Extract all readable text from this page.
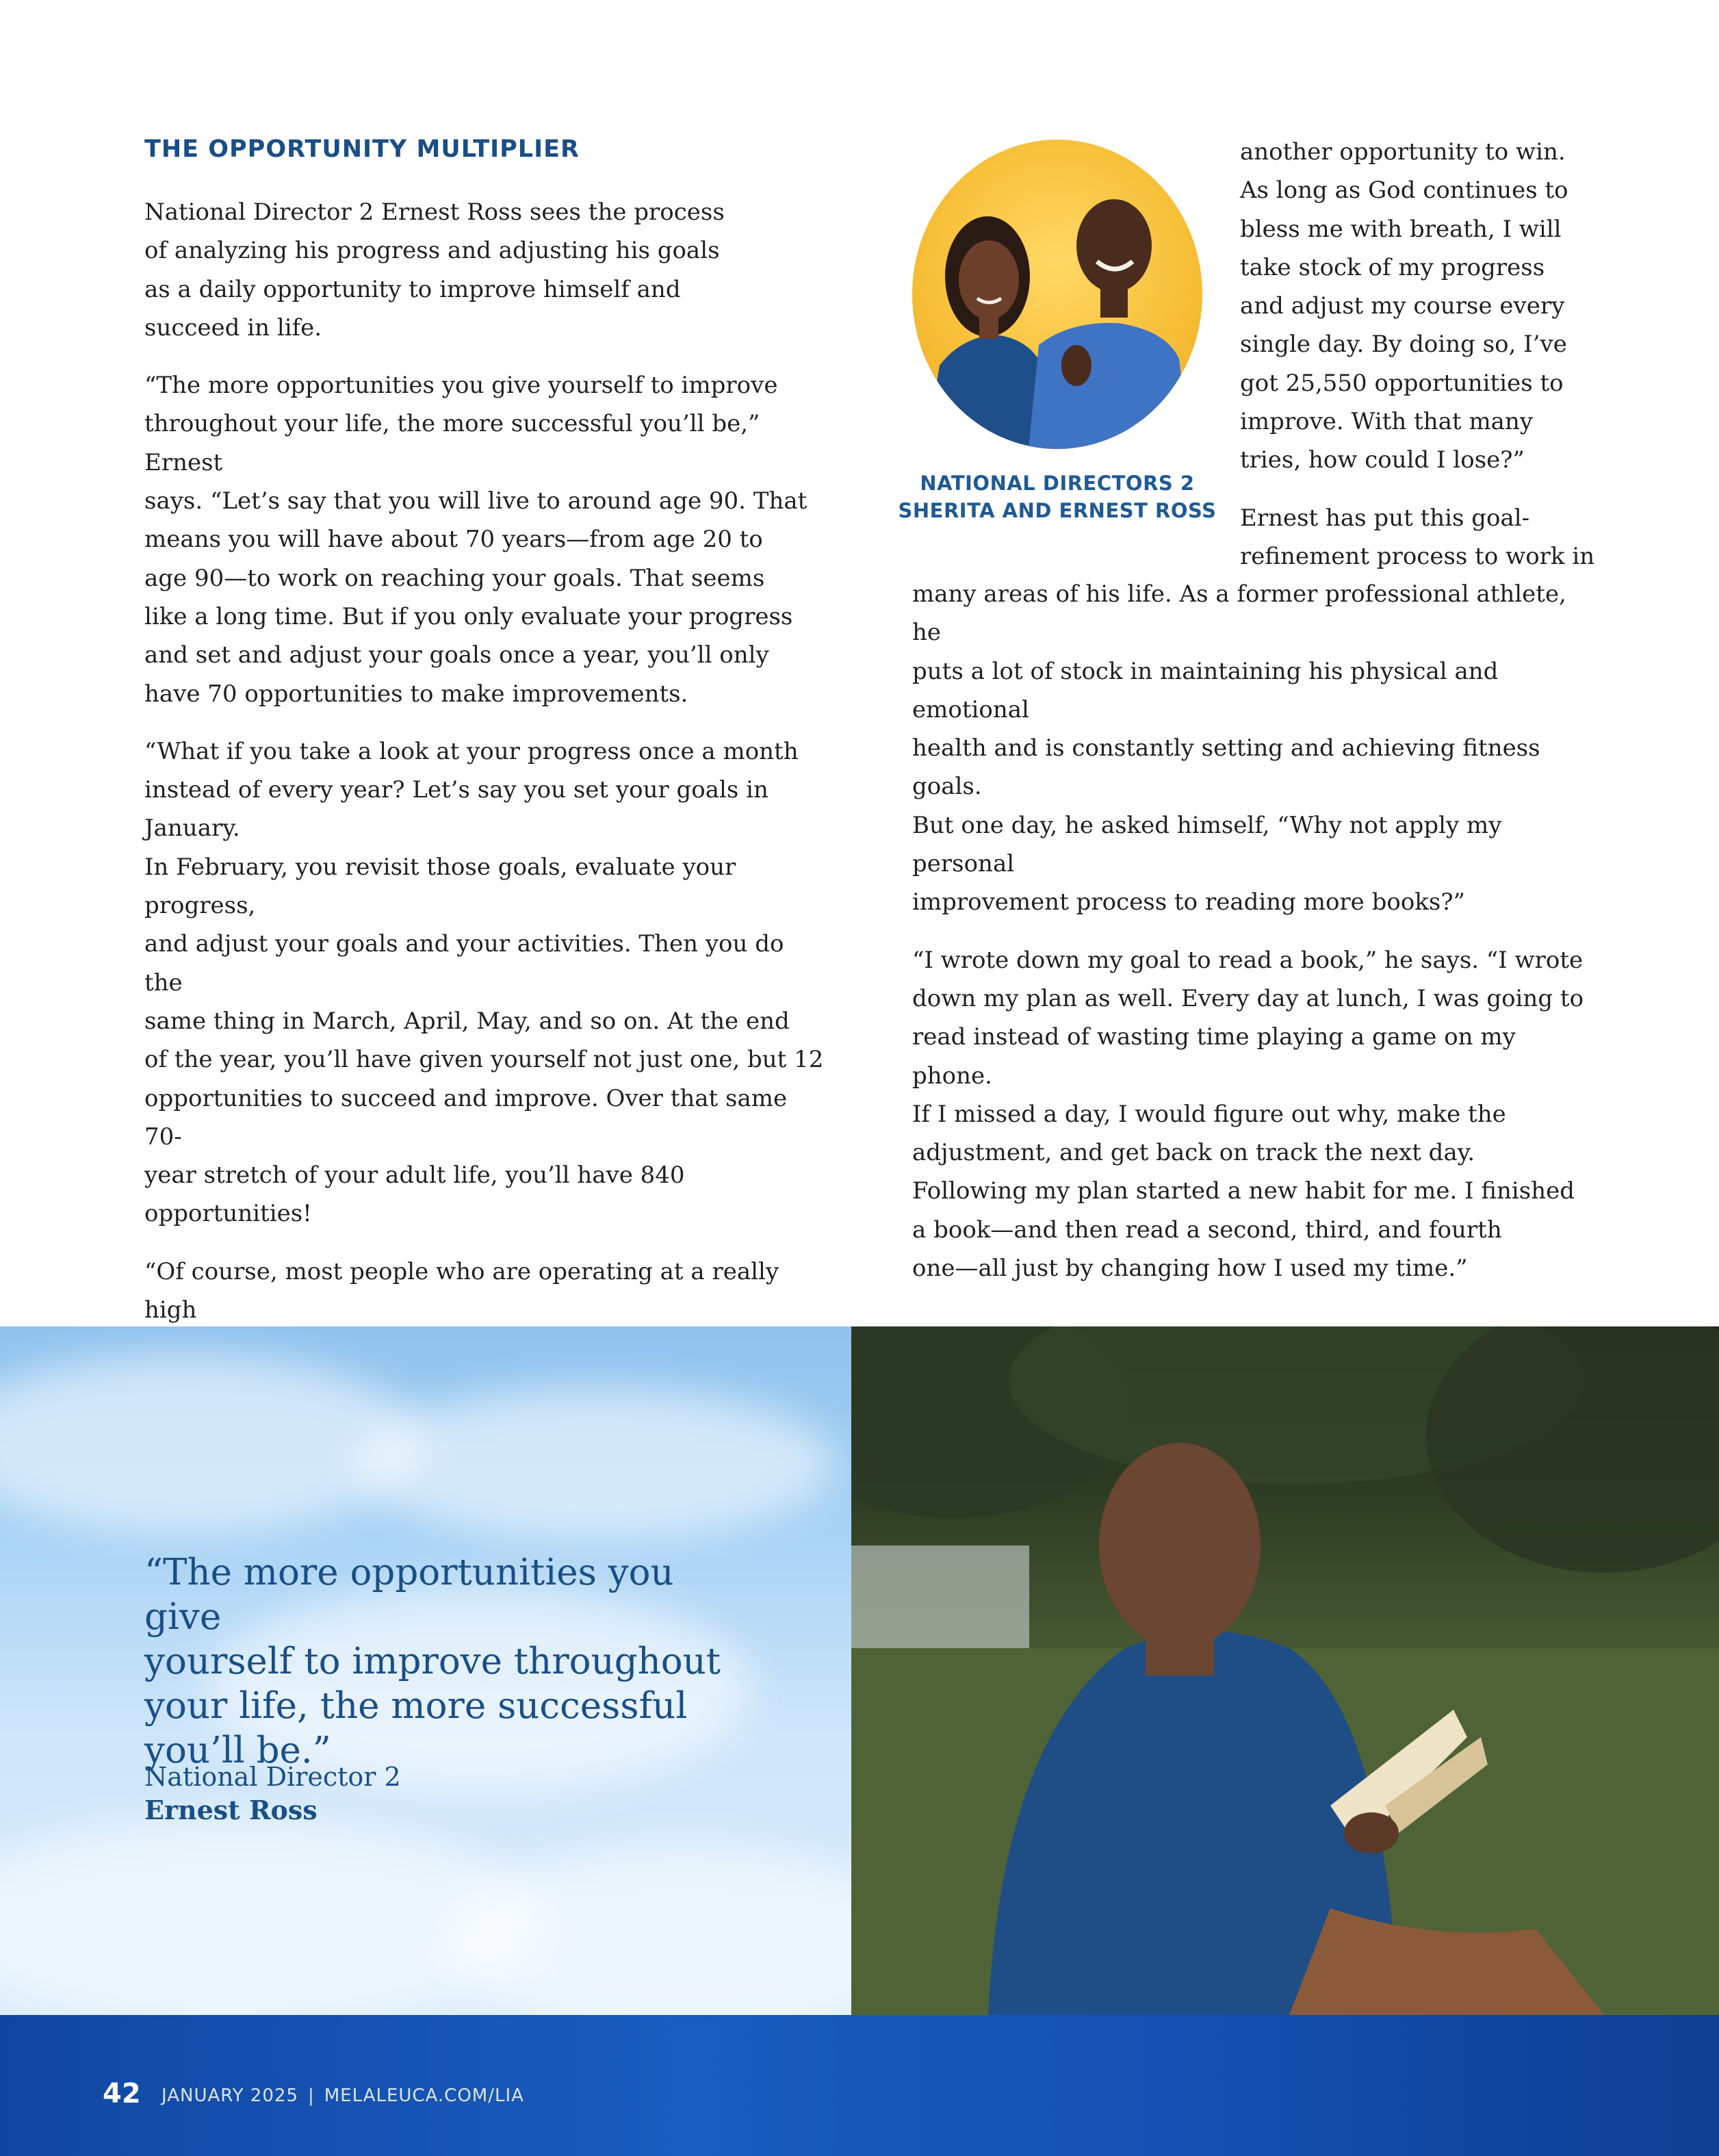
THE OPPORTUNITY MULTIPLIER

National Director 2 Ernest Ross sees the process
of analyzing his progress and adjusting his goals
as a daily opportunity to improve himself and
succeed in life.

“The more opportunities you give yourself to improve
throughout your life, the more successful you’ll be,” Ernest
says. “Let’s say that you will live to around age 90. That
means you will have about 70 years—from age 20 to
age 90—to work on reaching your goals. That seems
like a long time. But if you only evaluate your progress
and set and adjust your goals once a year, you’ll only
have 70 opportunities to make improvements.

“What if you take a look at your progress once a month
instead of every year? Let’s say you set your goals in January.
In February, you revisit those goals, evaluate your progress,
and adjust your goals and your activities. Then you do the
same thing in March, April, May, and so on. At the end
of the year, you’ll have given yourself not just one, but 12
opportunities to succeed and improve. Over that same 70-
year stretch of your adult life, you’ll have 840 opportunities!

“Of course, most people who are operating at a really high

NATIONAL DIRECTORS 2
SHERITA AND ERNEST ROSS

another opportunity to win.
As long as God continues to
bless me with breath, I will
take stock of my progress
and adjust my course every
single day. By doing so, I’ve
got 25,550 opportunities to
improve. With that many
tries, how could I lose?”

Ernest has put this goal-
refinement process to work in

many areas of his life. As a former professional athlete, he
puts a lot of stock in maintaining his physical and emotional
health and is constantly setting and achieving fitness goals.
But one day, he asked himself, “Why not apply my personal
improvement process to reading more books?”

“I wrote down my goal to read a book,” he says. “I wrote
down my plan as well. Every day at lunch, I was going to
read instead of wasting time playing a game on my phone.
If I missed a day, I would figure out why, make the
adjustment, and get back on track the next day.
Following my plan started a new habit for me. I finished
a book—and then read a second, third, and fourth
one—all just by changing how I used my time.”

“The more opportunities you give
yourself to improve throughout
your life, the more successful
you’ll be.”

National Director 2

Ernest Ross

42 JANUARY 2025 | MELALEUCA.COM/LIA
